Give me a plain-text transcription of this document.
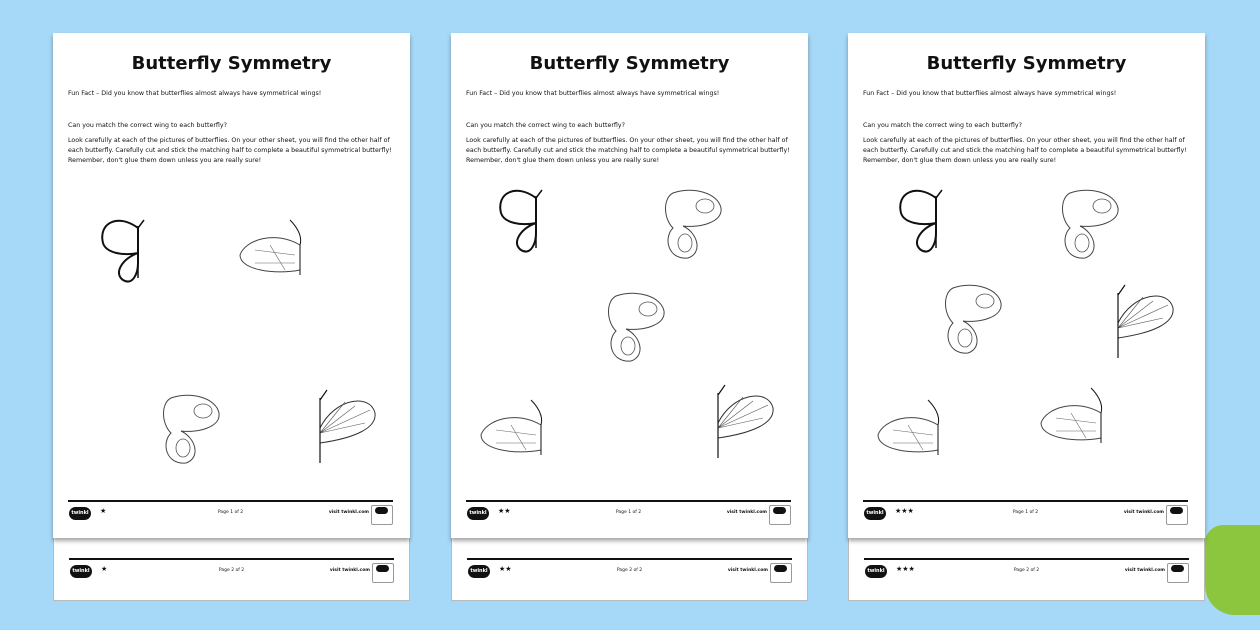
twinkl	★	Page 2 of 2	visit twinkl.com
Butterfly Symmetry
Fun Fact – Did you know that butterflies almost always have symmetrical wings!
Can you match the correct wing to each butterfly?
Look carefully at each of the pictures of butterflies. On your other sheet, you will find the other half of each butterfly. Carefully cut and stick the matching half to complete a beautiful symmetrical butterfly! Remember, don't glue them down unless you are really sure!
twinkl	★	Page 1 of 2	visit twinkl.com
twinkl	★★	Page 2 of 2	visit twinkl.com
Butterfly Symmetry
Fun Fact – Did you know that butterflies almost always have symmetrical wings!
Can you match the correct wing to each butterfly?
Look carefully at each of the pictures of butterflies. On your other sheet, you will find the other half of each butterfly. Carefully cut and stick the matching half to complete a beautiful symmetrical butterfly! Remember, don't glue them down unless you are really sure!
twinkl	★★	Page 1 of 2	visit twinkl.com
twinkl	★★★	Page 2 of 2	visit twinkl.com
Butterfly Symmetry
Fun Fact – Did you know that butterflies almost always have symmetrical wings!
Can you match the correct wing to each butterfly?
Look carefully at each of the pictures of butterflies. On your other sheet, you will find the other half of each butterfly. Carefully cut and stick the matching half to complete a beautiful symmetrical butterfly! Remember, don't glue them down unless you are really sure!
twinkl	★★★	Page 1 of 2	visit twinkl.com
